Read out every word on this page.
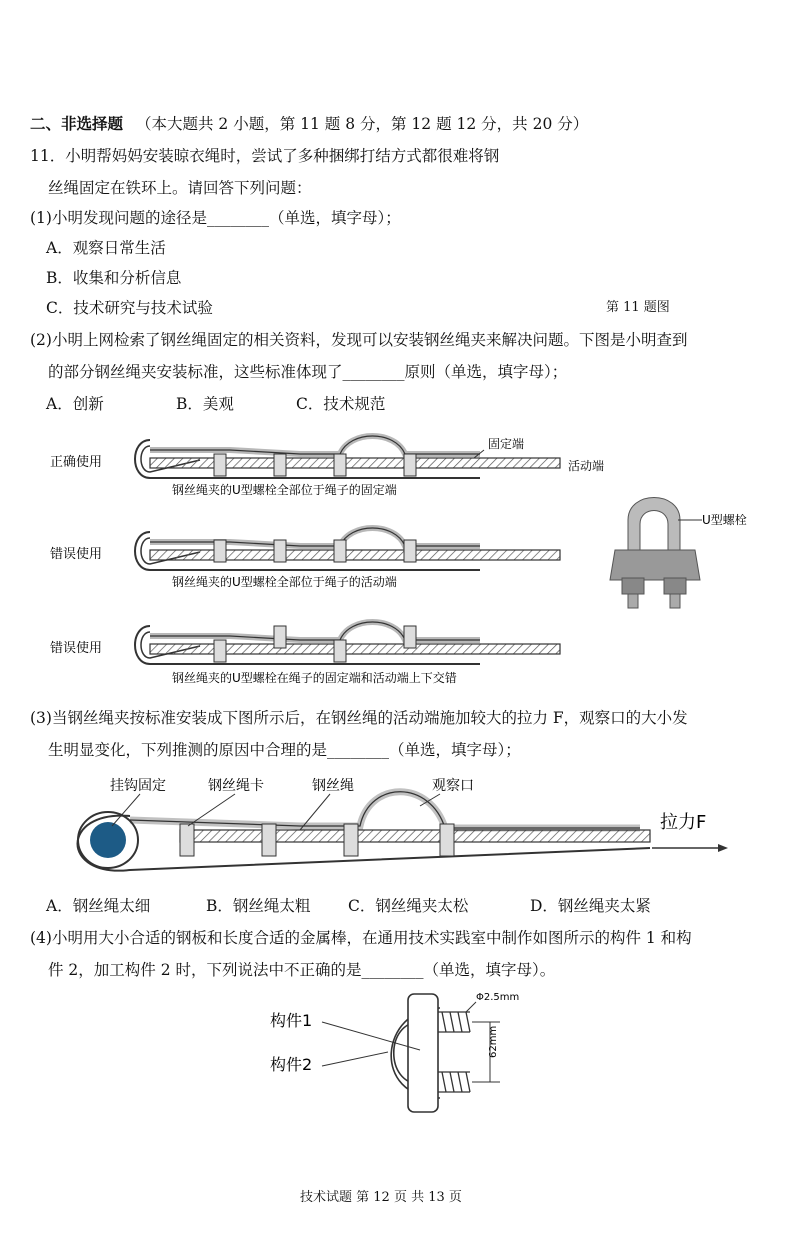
二、非选择题 （本大题共 2 小题，第 11 题 8 分，第 12 题 12 分，共 20 分）
11．小明帮妈妈安装晾衣绳时，尝试了多种捆绑打结方式都很难将钢
丝绳固定在铁环上。请回答下列问题：
(1)小明发现问题的途径是________（单选，填字母）；
A．观察日常生活
B．收集和分析信息
C．技术研究与技术试验	第 11 题图
(2)小明上网检索了钢丝绳固定的相关资料，发现可以安装钢丝绳夹来解决问题。下图是小明查到
的部分钢丝绳夹安装标准，这些标准体现了________原则（单选，填字母）；
A．创新	B．美观	C．技术规范
正确使用
固定端
活动端
钢丝绳夹的U型螺栓全部位于绳子的固定端
错误使用
钢丝绳夹的U型螺栓全部位于绳子的活动端
错误使用
钢丝绳夹的U型螺栓在绳子的固定端和活动端上下交错
U型螺栓
(3)当钢丝绳夹按标准安装成下图所示后，在钢丝绳的活动端施加较大的拉力 F，观察口的大小发
生明显变化，下列推测的原因中合理的是________（单选，填字母）；
挂钩固定	钢丝绳卡	钢丝绳	观察口
拉力F
A．钢丝绳太细	B．钢丝绳太粗 C．钢丝绳夹太松	D．钢丝绳夹太紧
(4)小明用大小合适的钢板和长度合适的金属棒，在通用技术实践室中制作如图所示的构件 1 和构
件 2，加工构件 2 时，下列说法中不正确的是________（单选，填字母）。
62mm
Φ2.5mm
构件1
构件2
技术试题 第 12 页 共 13 页
